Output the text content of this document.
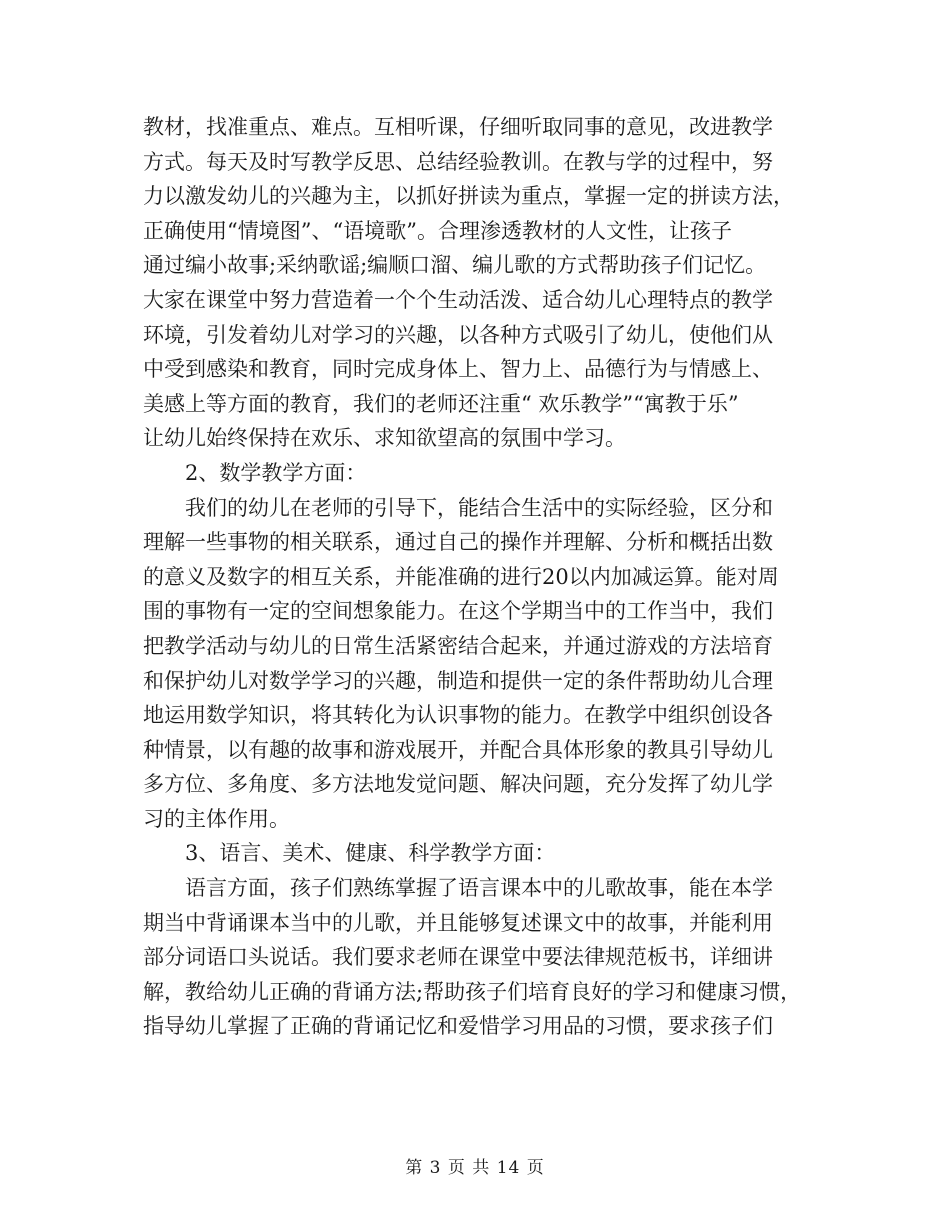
教材，找准重点、难点。互相听课，仔细听取同事的意见，改进教学
方式。每天及时写教学反思、总结经验教训。在教与学的过程中，努
力以激发幼儿的兴趣为主，以抓好拼读为重点，掌握一定的拼读方法，
正确使用“情境图”、“语境歌”。合理渗透教材的人文性，让孩子
通过编小故事;采纳歌谣;编顺口溜、编儿歌的方式帮助孩子们记忆。
大家在课堂中努力营造着一个个生动活泼、适合幼儿心理特点的教学
环境，引发着幼儿对学习的兴趣，以各种方式吸引了幼儿，使他们从
中受到感染和教育，同时完成身体上、智力上、品德行为与情感上、
美感上等方面的教育，我们的老师还注重“ 欢乐教学”“寓教于乐”
让幼儿始终保持在欢乐、求知欲望高的氛围中学习。
　　2、数学教学方面：
　　我们的幼儿在老师的引导下，能结合生活中的实际经验，区分和
理解一些事物的相关联系，通过自己的操作并理解、分析和概括出数
的意义及数字的相互关系，并能准确的进行20以内加减运算。能对周
围的事物有一定的空间想象能力。在这个学期当中的工作当中，我们
把教学活动与幼儿的日常生活紧密结合起来，并通过游戏的方法培育
和保护幼儿对数学学习的兴趣，制造和提供一定的条件帮助幼儿合理
地运用数学知识，将其转化为认识事物的能力。在教学中组织创设各
种情景，以有趣的故事和游戏展开，并配合具体形象的教具引导幼儿
多方位、多角度、多方法地发觉问题、解决问题，充分发挥了幼儿学
习的主体作用。
　　3、语言、美术、健康、科学教学方面：
　　语言方面，孩子们熟练掌握了语言课本中的儿歌故事，能在本学
期当中背诵课本当中的儿歌，并且能够复述课文中的故事，并能利用
部分词语口头说话。我们要求老师在课堂中要法律规范板书，详细讲
解，教给幼儿正确的背诵方法;帮助孩子们培育良好的学习和健康习惯，
指导幼儿掌握了正确的背诵记忆和爱惜学习用品的习惯，要求孩子们
第 3 页 共 14 页
